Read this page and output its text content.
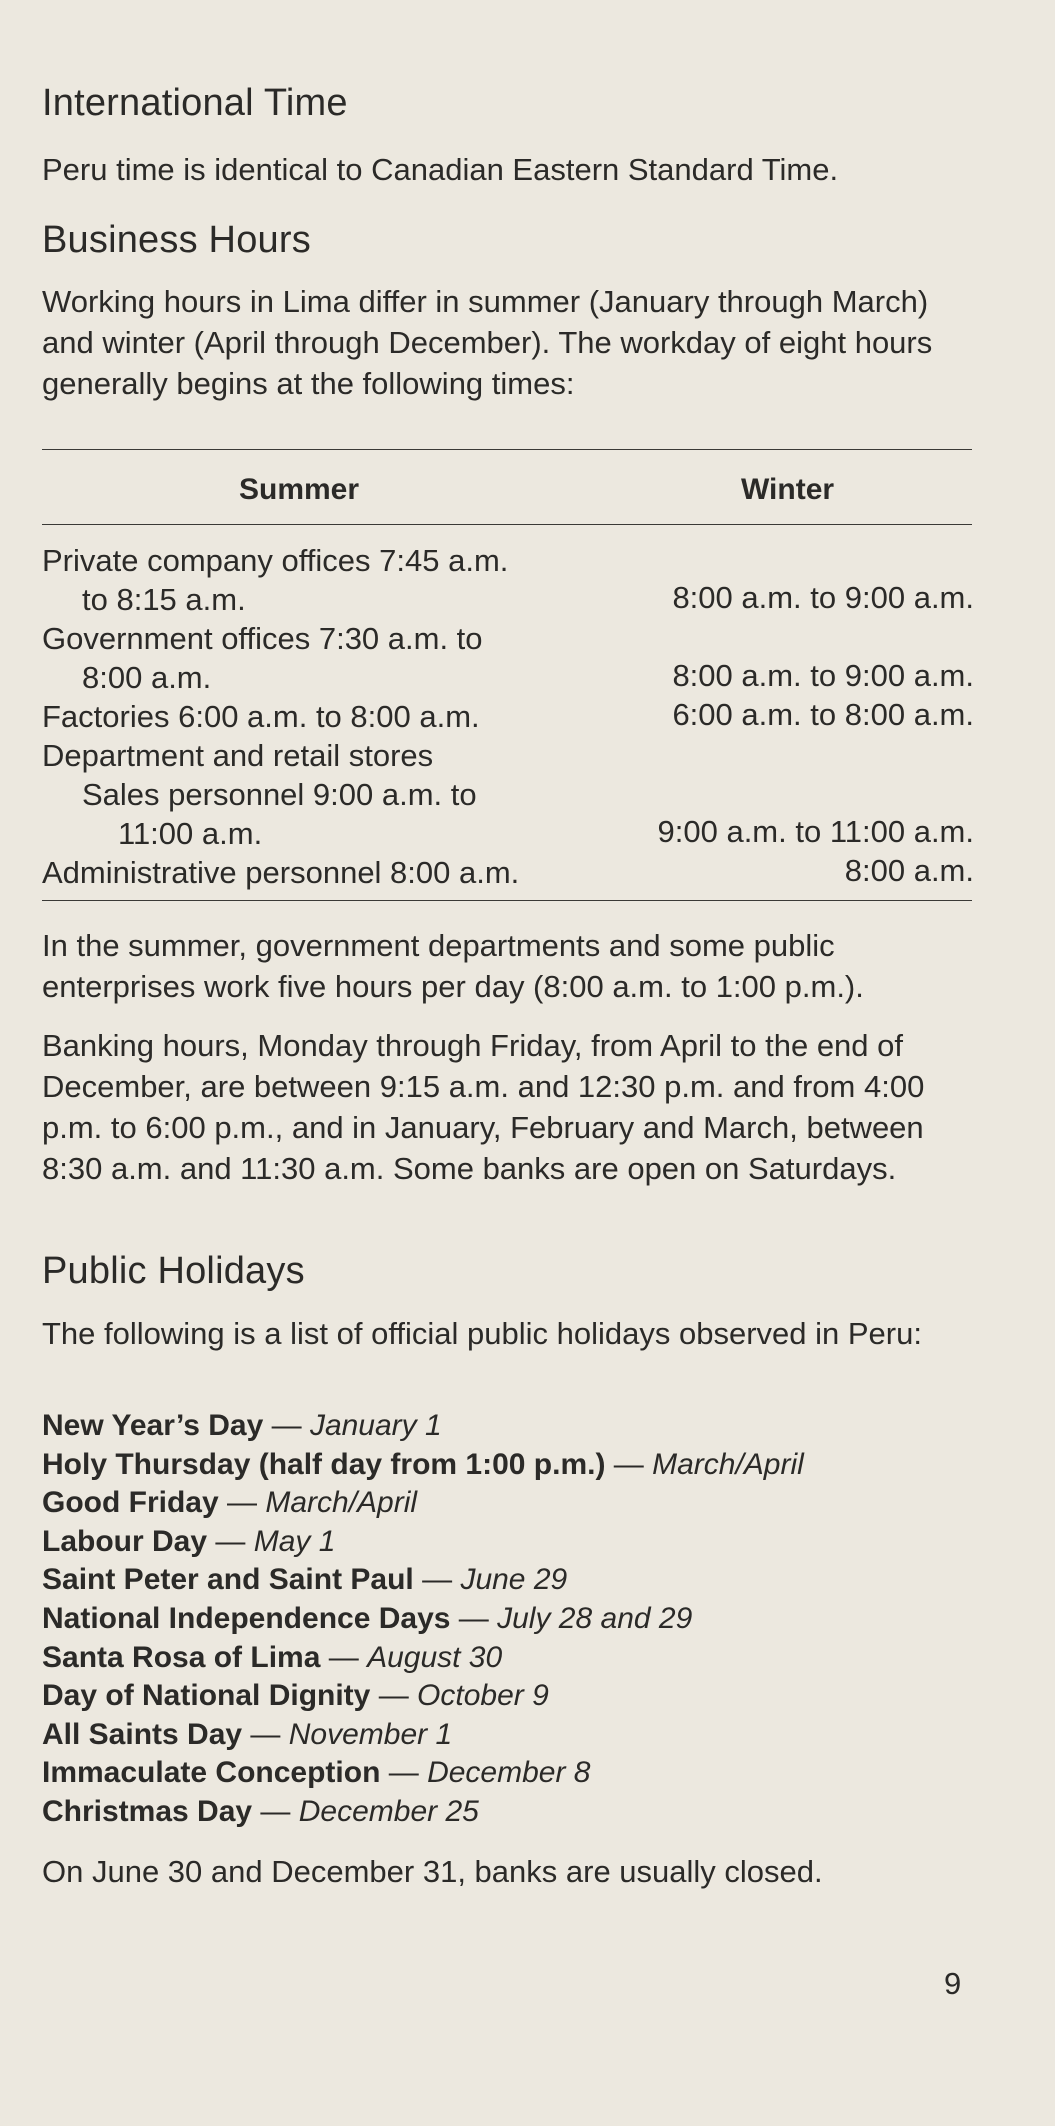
International Time

Peru time is identical to Canadian Eastern Standard Time.

Business Hours

Working hours in Lima differ in summer (January through March) and winter (April through December). The workday of eight hours generally begins at the following times:

Summer	Winter
Private company offices 7:45 a.m.
to 8:15 a.m.	8:00 a.m. to 9:00 a.m.
Government offices 7:30 a.m. to
8:00 a.m.	8:00 a.m. to 9:00 a.m.
Factories 6:00 a.m. to 8:00 a.m.	6:00 a.m. to 8:00 a.m.
Department and retail stores
Sales personnel 9:00 a.m. to
11:00 a.m.	9:00 a.m. to 11:00 a.m.
Administrative personnel 8:00 a.m.	8:00 a.m.

In the summer, government departments and some public enterprises work five hours per day (8:00 a.m. to 1:00 p.m.).

Banking hours, Monday through Friday, from April to the end of December, are between 9:15 a.m. and 12:30 p.m. and from 4:00 p.m. to 6:00 p.m., and in January, February and March, between 8:30 a.m. and 11:30 a.m. Some banks are open on Saturdays.

Public Holidays

The following is a list of official public holidays observed in Peru:

New Year’s Day — January 1
Holy Thursday (half day from 1:00 p.m.) — March/April
Good Friday — March/April
Labour Day — May 1
Saint Peter and Saint Paul — June 29
National Independence Days — July 28 and 29
Santa Rosa of Lima — August 30
Day of National Dignity — October 9
All Saints Day — November 1
Immaculate Conception — December 8
Christmas Day — December 25

On June 30 and December 31, banks are usually closed.

9
